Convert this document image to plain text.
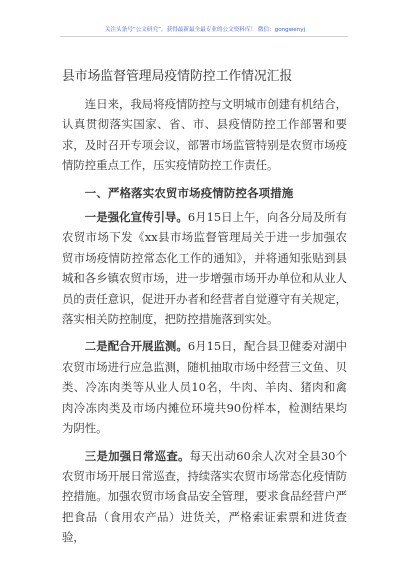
关注头条号“公文研究”，获得最新最全最专业的公文资料库！ 微信：gongwenyj
县市场监督管理局疫情防控工作情况汇报

连日来，我局将疫情防控与文明城市创建有机结合，认真贯彻落实国家、省、市、县疫情防控工作部署和要求，及时召开专项会议，部署市场监管特别是农贸市场疫情防控重点工作，压实疫情防控工作责任。

一、严格落实农贸市场疫情防控各项措施

一是强化宣传引导。6月15日上午，向各分局及所有农贸市场下发《xx县市场监督管理局关于进一步加强农贸市场疫情防控常态化工作的通知》，并将通知张贴到县城和各乡镇农贸市场，进一步增强市场开办单位和从业人员的责任意识，促进开办者和经营者自觉遵守有关规定，落实相关防控制度，把防控措施落到实处。

二是配合开展监测。6月15日，配合县卫健委对湖中农贸市场进行应急监测，随机抽取市场中经营三文鱼、贝类、冷冻肉类等从业人员10名，牛肉、羊肉、猪肉和禽肉冷冻肉类及市场内摊位环境共90份样本，检测结果均为阴性。

三是加强日常巡查。每天出动60余人次对全县30个农贸市场开展日常巡查，持续落实农贸市场常态化疫情防控措施。加强农贸市场食品安全管理，要求食品经营户严把食品（食用农产品）进货关，严格索证索票和进货查验，
